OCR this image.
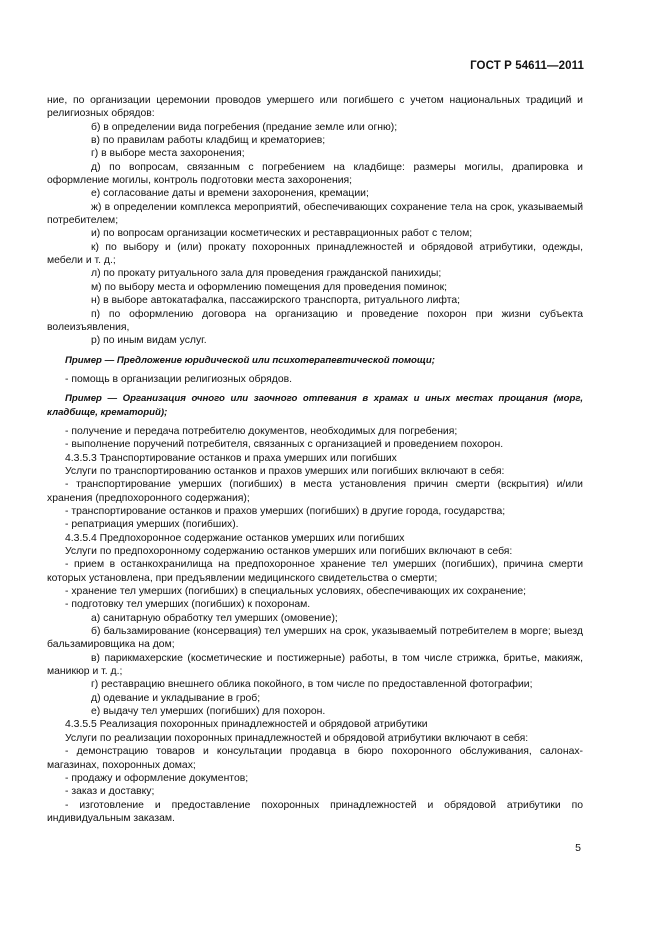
ГОСТ Р 54611—2011

ние, по организации церемонии проводов умершего или погибшего с учетом национальных традиций и религиозных обрядов:

б) в определении вида погребения (предание земле или огню);

в) по правилам работы кладбищ и крематориев;

г) в выборе места захоронения;

д) по вопросам, связанным с погребением на кладбище: размеры могилы, драпировка и оформление могилы, контроль подготовки места захоронения;

е) согласование даты и времени захоронения, кремации;

ж) в определении комплекса мероприятий, обеспечивающих сохранение тела на срок, указываемый потребителем;

и) по вопросам организации косметических и реставрационных работ с телом;

к) по выбору и (или) прокату похоронных принадлежностей и обрядовой атрибутики, одежды, мебели и т. д.;

л) по прокату ритуального зала для проведения гражданской панихиды;

м) по выбору места и оформлению помещения для проведения поминок;

н) в выборе автокатафалка, пассажирского транспорта, ритуального лифта;

п) по оформлению договора на организацию и проведение похорон при жизни субъекта волеизъявления,

р) по иным видам услуг.

Пример — Предложение юридической или психотерапевтической помощи;

- помощь в организации религиозных обрядов.

Пример — Организация очного или заочного отпевания в храмах и иных местах прощания (морг, кладбище, крематорий);

- получение и передача потребителю документов, необходимых для погребения;

- выполнение поручений потребителя, связанных с организацией и проведением похорон.

4.3.5.3 Транспортирование останков и праха умерших или погибших

Услуги по транспортированию останков и прахов умерших или погибших включают в себя:

- транспортирование умерших (погибших) в места установления причин смерти (вскрытия) и/или хранения (предпохоронного содержания);

- транспортирование останков и прахов умерших (погибших) в другие города, государства;

- репатриация умерших (погибших).

4.3.5.4 Предпохоронное содержание останков умерших или погибших

Услуги по предпохоронному содержанию останков умерших или погибших включают в себя:

- прием в останкохранилища на предпохоронное хранение тел умерших (погибших), причина смерти которых установлена, при предъявлении медицинского свидетельства о смерти;

- хранение тел умерших (погибших) в специальных условиях, обеспечивающих их сохранение;

- подготовку тел умерших (погибших) к похоронам.

а) санитарную обработку тел умерших (омовение);

б) бальзамирование (консервация) тел умерших на срок, указываемый потребителем в морге; выезд бальзамировщика на дом;

в) парикмахерские (косметические и постижерные) работы, в том числе стрижка, бритье, макияж, маникюр и т. д.;

г) реставрацию внешнего облика покойного, в том числе по предоставленной фотографии;

д) одевание и укладывание в гроб;

е) выдачу тел умерших (погибших) для похорон.

4.3.5.5 Реализация похоронных принадлежностей и обрядовой атрибутики

Услуги по реализации похоронных принадлежностей и обрядовой атрибутики включают в себя:

- демонстрацию товаров и консультации продавца в бюро похоронного обслуживания, салонах-магазинах, похоронных домах;

- продажу и оформление документов;

- заказ и доставку;

- изготовление и предоставление похоронных принадлежностей и обрядовой атрибутики по индивидуальным заказам.

5
